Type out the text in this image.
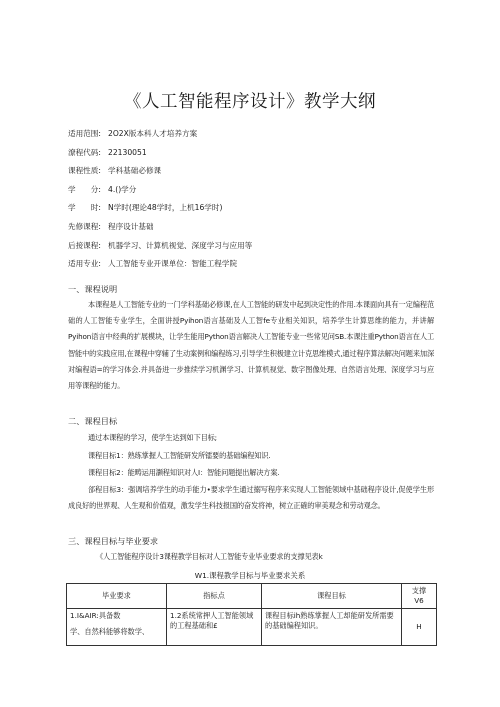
《人工智能程序设计》教学大纲
适用范围: 2O2X版本科人才培养方案
潦程代码: 22130051
课程性质: 学科基础必修课
学　　分: 4.()学分
学　　时: N学时(理论48学时，上机16学时)
先修课程: 程序设计基础
后接课程: 机器学习、计算机视觉、深度学习与应用等
适用专业: 人工智能专业开课单位：智能工程学院
一、课程说明
本课程是人工智能专业的一门学科基础必修课,在人工智能的研发中起到决定性的作用.本课面向具有一定编程范础的人工智能专业学生，全面讲授Pyihon语言基础及人工智fe专业相关知识，培养学生计算思维的能力，并讲解Pyihon语言中经典的扩展模块，让学生能用Python语言解决人工智能专业一些常见问SB.本课注重Python语言在人工智能中的实践应用,在课程中穿辅了生动案例和编程练习,引导学生积极建立计克思维模式,通过程序算法解决问题来加深对编程语=的学习体会.并具备进一步推续学习机渊学习、计算机视觉、数字图像处理、自然语言处理、深度学习与应用等课程的能力。
二、课程目标
通过本课程的学习，使学生达到如下目标;
课程目标1：熟练掌握人工智能研发所镭要的基础编程知识.
课程目标2：能畴运用灏程知识对人I：智能问题提出解决方案.
郃程目标3：强调培养学生的动手能力•要求学生通过搦写程序来实现人工智能领域中基础程序设计,促使学生形成良好的世界观、人生观和价值观，激发学生科技报国的奋发将神，树立正確的审美观念和劳动观念。
三、课程目标与毕业要求
《人工智能程序设计3课程教学目标对人工智能专业毕业要求的支撑见表k
W1.课程教学目标与毕业要求关系
毕业要求	指标点	课程目标	支撑
Ⅴ6

1.I&AIR:具备数
学、自然科能够将数学、	1.2系统常押人工智能领域的工程基础和£	课程目标ih熟练掌握人工却能研发所需要的基础编程知识。	H
